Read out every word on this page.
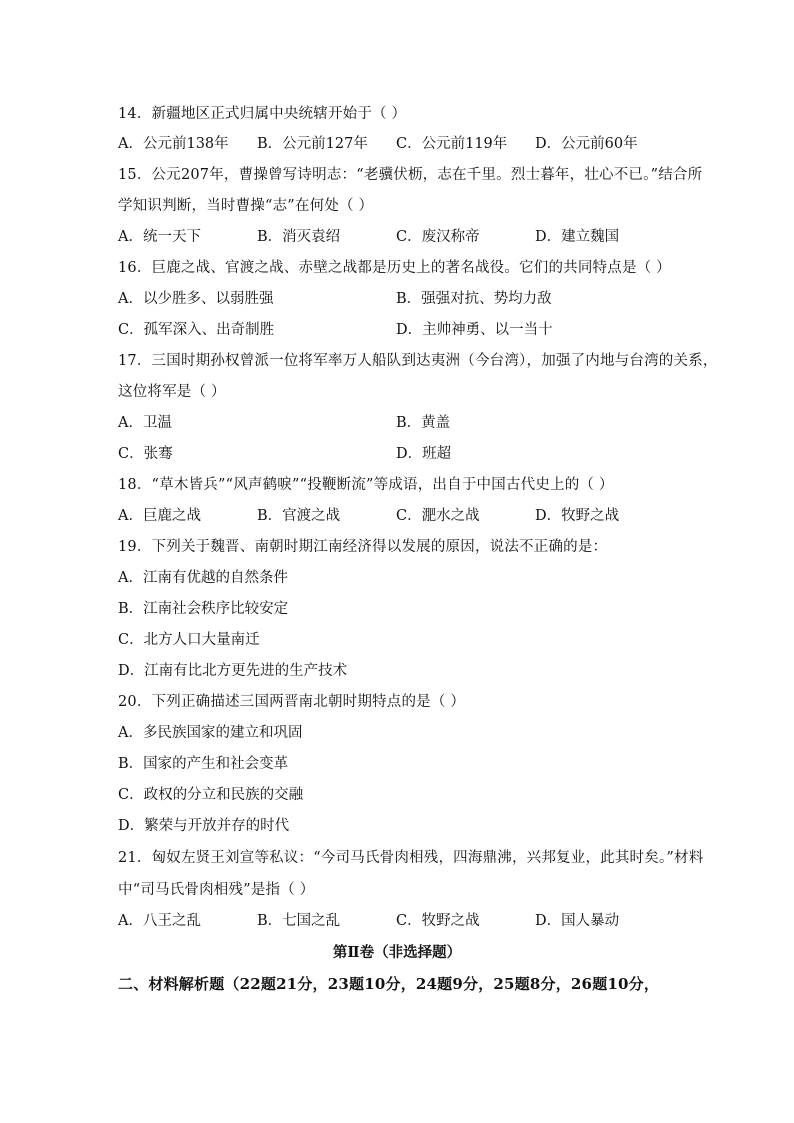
14．新疆地区正式归属中央统辖开始于（ ）
A．公元前138年 B．公元前127年 C．公元前119年 D．公元前60年
15．公元207年，曹操曾写诗明志：“老骥伏枥，志在千里。烈士暮年，壮心不已。”结合所
学知识判断，当时曹操“志”在何处（ ）
A．统一天下	B．消灭袁绍	C．废汉称帝	D．建立魏国
16．巨鹿之战、官渡之战、赤壁之战都是历史上的著名战役。它们的共同特点是（ ）
A．以少胜多、以弱胜强	B．强强对抗、势均力敌
C．孤军深入、出奇制胜	D．主帅神勇、以一当十
17．三国时期孙权曾派一位将军率万人船队到达夷洲（今台湾），加强了内地与台湾的关系，
这位将军是（ ）
A．卫温	B．黄盖
C．张骞	D．班超
18．“草木皆兵”“风声鹤唳”“投鞭断流”等成语，出自于中国古代史上的（ ）
A．巨鹿之战	B．官渡之战	C．淝水之战	D．牧野之战
19．下列关于魏晋、南朝时期江南经济得以发展的原因，说法不正确的是：
A．江南有优越的自然条件
B．江南社会秩序比较安定
C．北方人口大量南迁
D．江南有比北方更先进的生产技术
20．下列正确描述三国两晋南北朝时期特点的是（ ）
A．多民族国家的建立和巩固
B．国家的产生和社会变革
C．政权的分立和民族的交融
D．繁荣与开放并存的时代
21．匈奴左贤王刘宣等私议：“今司马氏骨肉相残，四海鼎沸，兴邦复业，此其时矣。”材料
中“司马氏骨肉相残”是指（ ）
A．八王之乱	B．七国之乱	C．牧野之战	D．国人暴动
第Ⅱ卷（非选择题）
二、材料解析题（22题21分，23题10分，24题9分，25题8分，26题10分，
